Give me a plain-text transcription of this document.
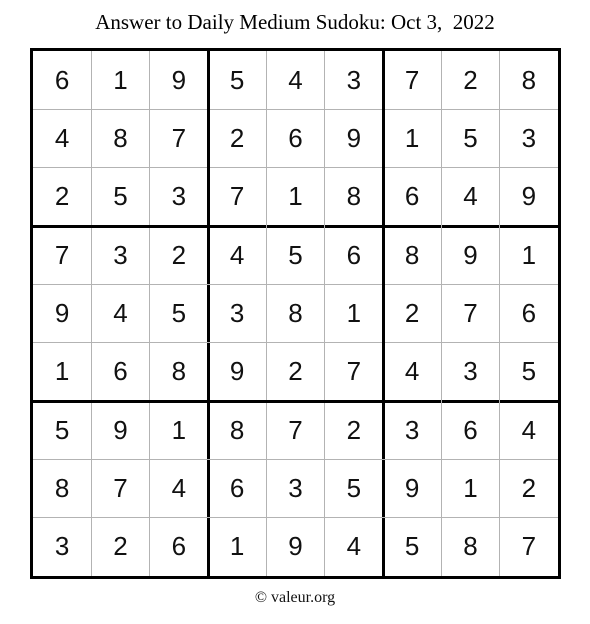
Answer to Daily Medium Sudoku: Oct 3,  2022
6	1	9	5	4	3	7	2	8
4	8	7	2	6	9	1	5	3
2	5	3	7	1	8	6	4	9
7	3	2	4	5	6	8	9	1
9	4	5	3	8	1	2	7	6
1	6	8	9	2	7	4	3	5
5	9	1	8	7	2	3	6	4
8	7	4	6	3	5	9	1	2
3	2	6	1	9	4	5	8	7
© valeur.org
